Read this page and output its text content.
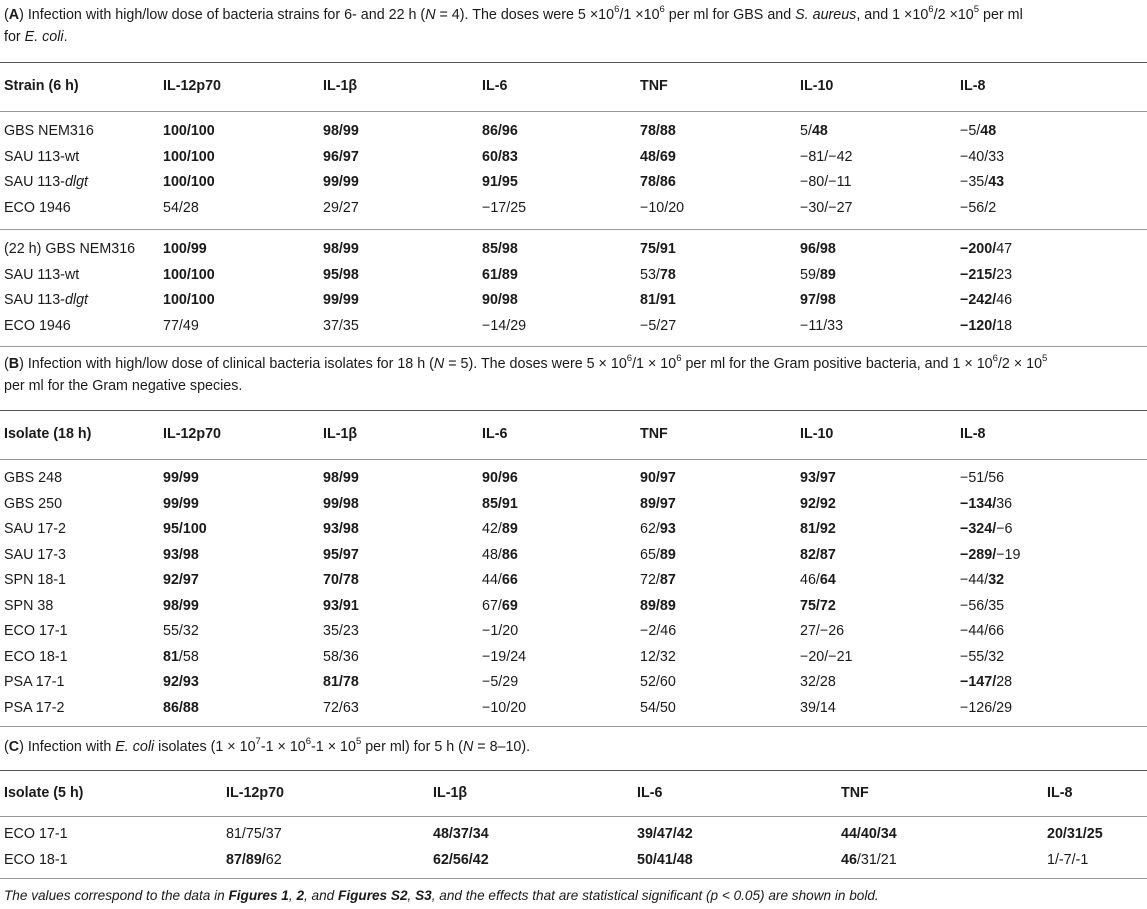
(A) Infection with high/low dose of bacteria strains for 6- and 22 h (N = 4). The doses were $5 \times 10^6/1 \times 10^6$ per ml for GBS and S. aureus, and $1 \times 10^6/2 \times 10^5$ per ml
for E. coli.
Strain (6 h)	IL-12p70	IL-1β	IL-6	TNF	IL-10	IL-8
GBS NEM316	100/100	98/99	86/96	78/88	5/48	−5/48
SAU 113-wt	100/100	96/97	60/83	48/69	−81/−42	−40/33
SAU 113-dlgt	100/100	99/99	91/95	78/86	−80/−11	−35/43
ECO 1946	54/28	29/27	−17/25	−10/20	−30/−27	−56/2
(22 h) GBS NEM316 100/99	98/99	85/98	75/91	96/98	−200/47
SAU 113-wt	100/100	95/98	61/89	53/78	59/89	−215/23
SAU 113-dlgt	100/100	99/99	90/98	81/91	97/98	−242/46
ECO 1946	77/49	37/35	−14/29	−5/27	−11/33	−120/18
(B) Infection with high/low dose of clinical bacteria isolates for 18 h (N = 5). The doses were $5 \times 10^6/1 \times 10^6$ per ml for the Gram positive bacteria, and $1 \times 10^6/2 \times 10^5$
per ml for the Gram negative species.
Isolate (18 h)	IL-12p70	IL-1β	IL-6	TNF	IL-10	IL-8
GBS 248	99/99	98/99	90/96	90/97	93/97	−51/56
GBS 250	99/99	99/98	85/91	89/97	92/92	−134/36
SAU 17-2	95/100	93/98	42/89	62/93	81/92	−324/−6
SAU 17-3	93/98	95/97	48/86	65/89	82/87	−289/−19
SPN 18-1	92/97	70/78	44/66	72/87	46/64	−44/32
SPN 38	98/99	93/91	67/69	89/89	75/72	−56/35
ECO 17-1	55/32	35/23	−1/20	−2/46	27/−26	−44/66
ECO 18-1	81/58	58/36	−19/24	12/32	−20/−21	−55/32
PSA 17-1	92/93	81/78	−5/29	52/60	32/28	−147/28
PSA 17-2	86/88	72/63	−10/20	54/50	39/14	−126/29
(C) Infection with E. coli isolates ($1 \times 10^7-1 \times 10^6-1 \times 10^5$ per ml) for 5 h (N = 8–10).
Isolate (5 h)	IL-12p70	IL-1β	IL-6	TNF	IL-8
ECO 17-1	81/75/37	48/37/34	39/47/42	44/40/34	20/31/25
ECO 18-1	87/89/62	62/56/42	50/41/48	46/31/21	1/-7/-1
The values correspond to the data in Figures 1, 2, and Figures S2, S3, and the effects that are statistical significant (p < 0.05) are shown in bold.
